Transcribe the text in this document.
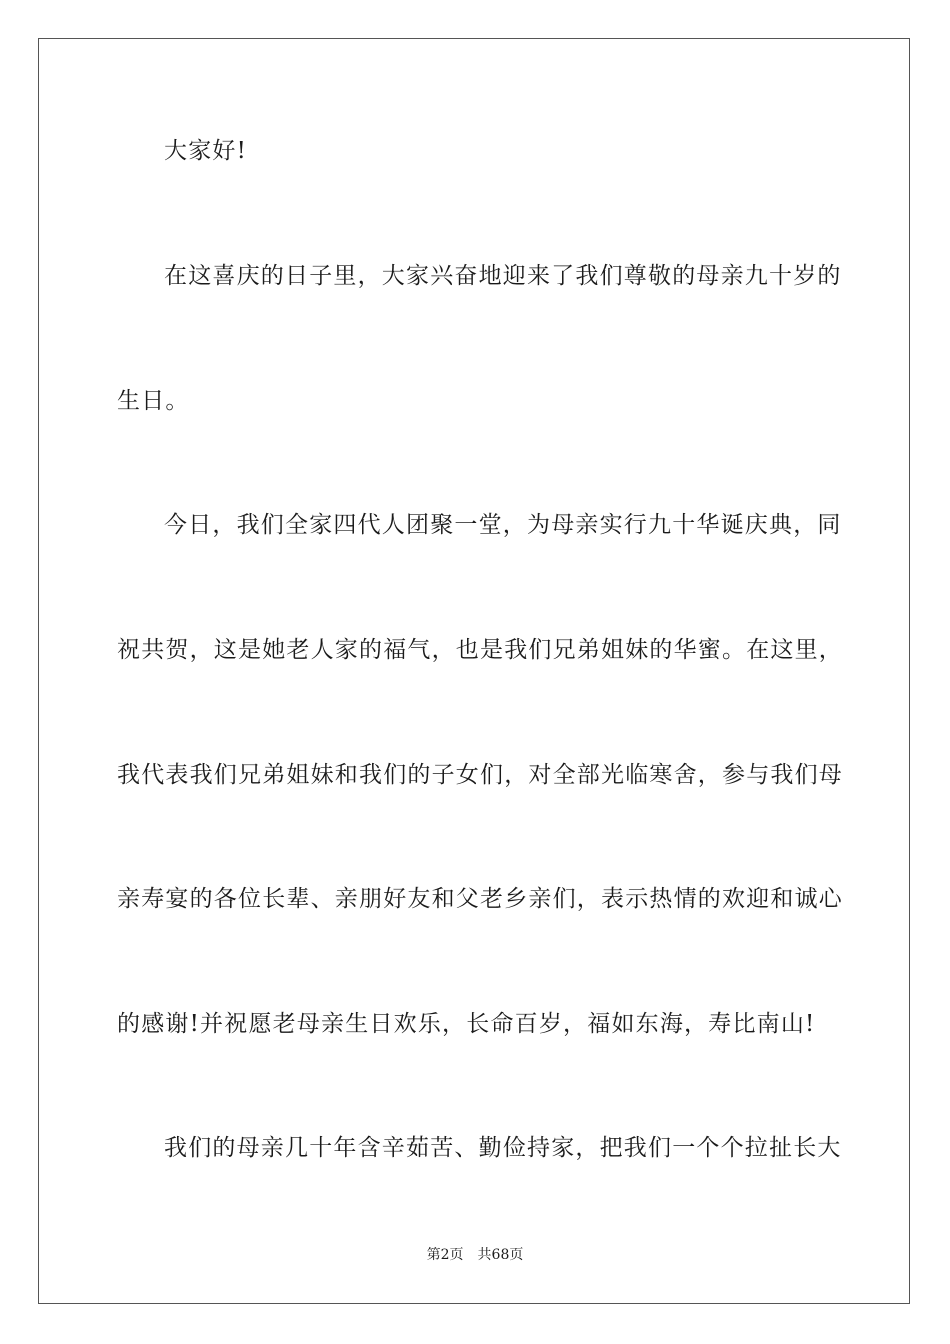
大家好!
在这喜庆的日子里，大家兴奋地迎来了我们尊敬的母亲九十岁的
生日。
今日，我们全家四代人团聚一堂，为母亲实行九十华诞庆典，同
祝共贺，这是她老人家的福气，也是我们兄弟姐妹的华蜜。在这里，
我代表我们兄弟姐妹和我们的子女们，对全部光临寒舍，参与我们母
亲寿宴的各位长辈、亲朋好友和父老乡亲们，表示热情的欢迎和诚心
的感谢!并祝愿老母亲生日欢乐，长命百岁，福如东海，寿比南山!
我们的母亲几十年含辛茹苦、勤俭持家，把我们一个个拉扯长大
第2页　共68页
